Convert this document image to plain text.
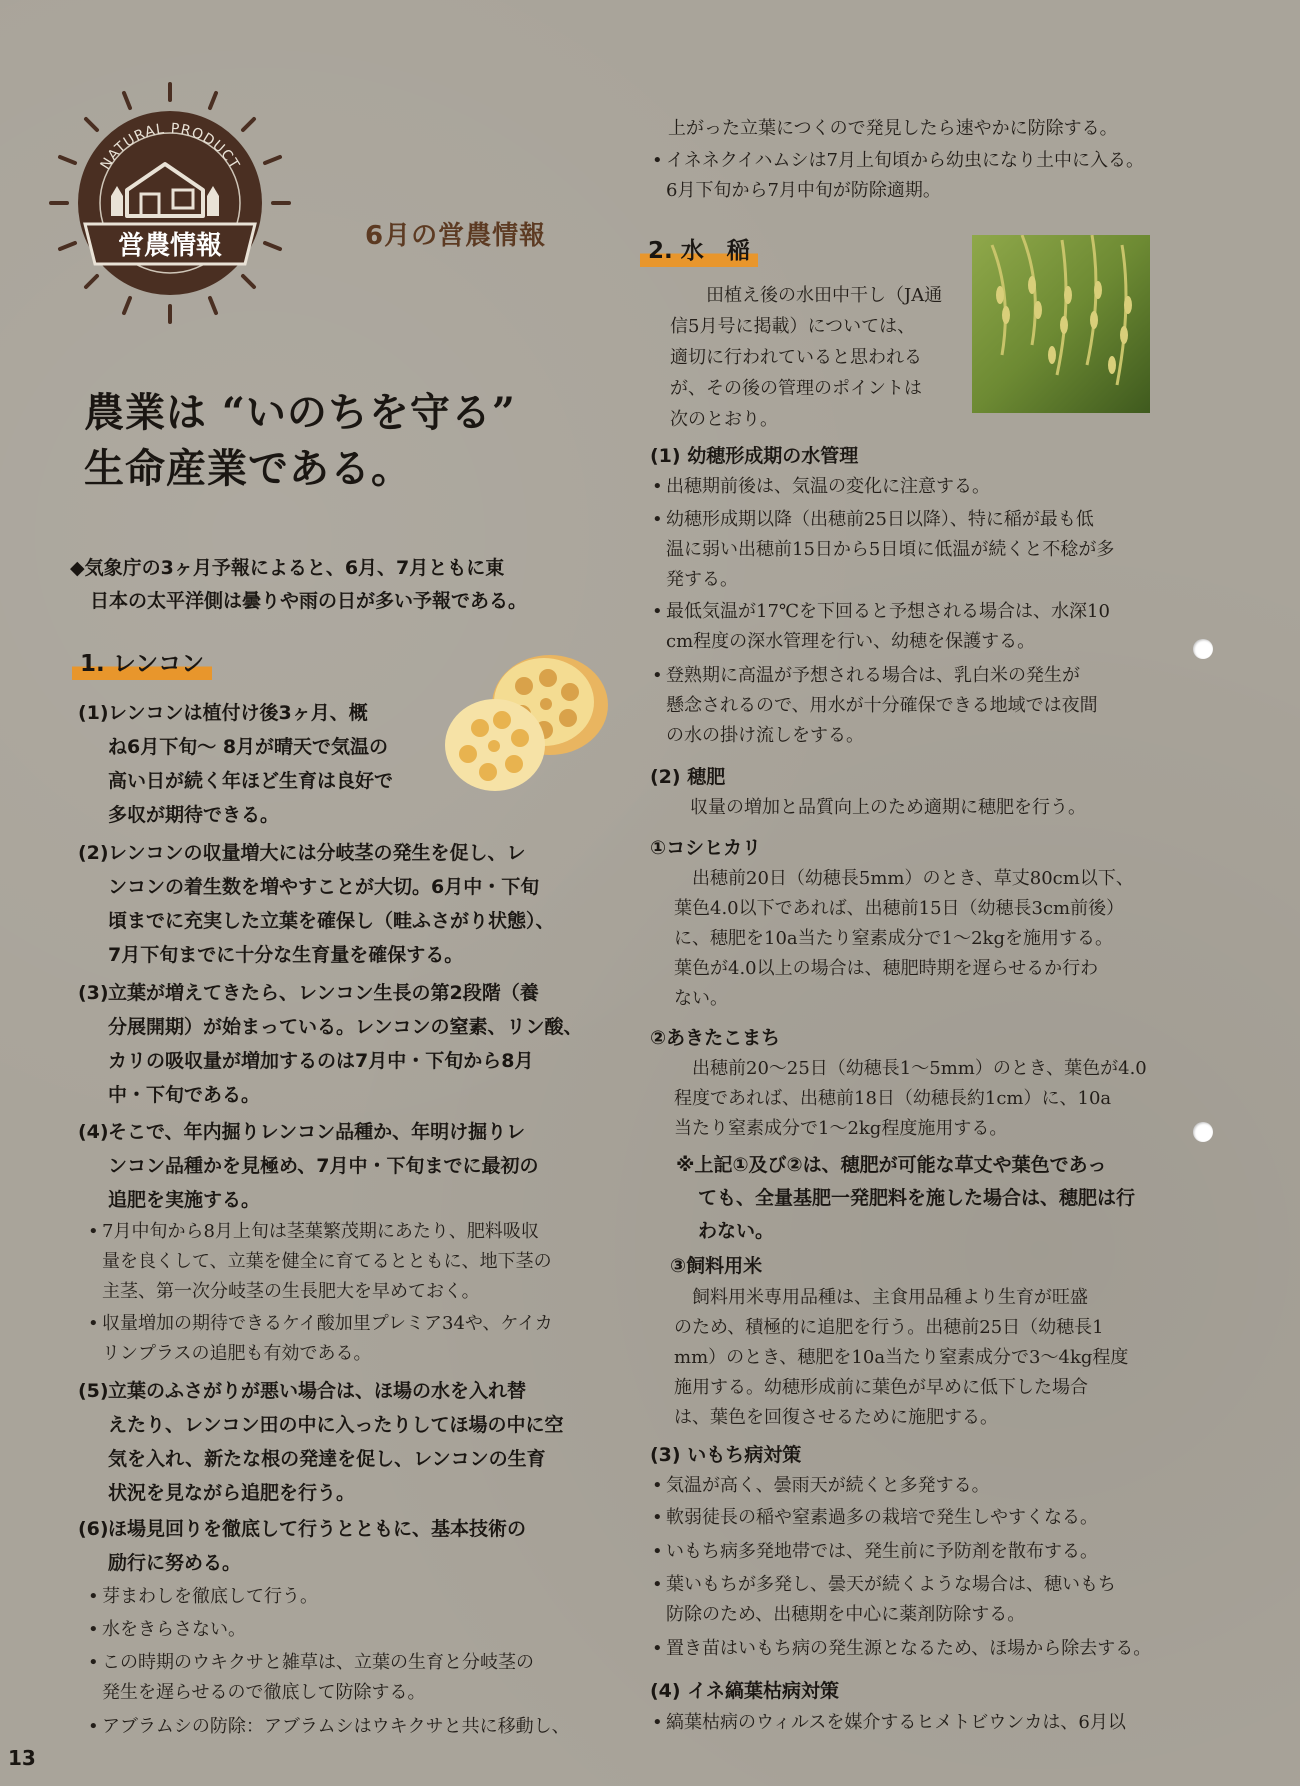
NATURAL PRODUCT
営農情報	6月の営農情報
農業は “いのちを守る”
生命産業である。
◆気象庁の3ヶ月予報によると、6月、7月ともに東
日本の太平洋側は曇りや雨の日が多い予報である。
1. レンコン
(1) レンコンは植付け後3ヶ月、概
ね6月下旬〜 8月が晴天で気温の
高い日が続く年ほど生育は良好で
多収が期待できる。
(2) レンコンの収量増大には分岐茎の発生を促し、レ
ンコンの着生数を増やすことが大切。6月中・下旬
頃までに充実した立葉を確保し（畦ふさがり状態）、
7月下旬までに十分な生育量を確保する。
(3) 立葉が増えてきたら、レンコン生長の第2段階（養
分展開期）が始まっている。レンコンの窒素、リン酸、
カリの吸収量が増加するのは7月中・下旬から8月
中・下旬である。
(4) そこで、年内掘りレンコン品種か、年明け掘りレ
ンコン品種かを見極め、7月中・下旬までに最初の
追肥を実施する。
• 7月中旬から8月上旬は茎葉繁茂期にあたり、肥料吸収
量を良くして、立葉を健全に育てるとともに、地下茎の
主茎、第一次分岐茎の生長肥大を早めておく。
• 収量増加の期待できるケイ酸加里プレミア34や、ケイカ
リンプラスの追肥も有効である。
(5) 立葉のふさがりが悪い場合は、ほ場の水を入れ替
えたり、レンコン田の中に入ったりしてほ場の中に空
気を入れ、新たな根の発達を促し、レンコンの生育
状況を見ながら追肥を行う。
(6) ほ場見回りを徹底して行うとともに、基本技術の
励行に努める。
• 芽まわしを徹底して行う。
• 水をきらさない。
• この時期のウキクサと雑草は、立葉の生育と分岐茎の
発生を遅らせるので徹底して防除する。
• アブラムシの防除：アブラムシはウキクサと共に移動し、
上がった立葉につくので発見したら速やかに防除する。
• イネネクイハムシは7月上旬頃から幼虫になり土中に入る。
6月下旬から7月中旬が防除適期。
2. 水　稲
田植え後の水田中干し（JA通
信5月号に掲載）については、
適切に行われていると思われる
が、その後の管理のポイントは
次のとおり。
(1) 幼穂形成期の水管理
• 出穂期前後は、気温の変化に注意する。
• 幼穂形成期以降（出穂前25日以降）、特に稲が最も低
温に弱い出穂前15日から5日頃に低温が続くと不稔が多
発する。
• 最低気温が17℃を下回ると予想される場合は、水深10
cm程度の深水管理を行い、幼穂を保護する。
• 登熟期に高温が予想される場合は、乳白米の発生が
懸念されるので、用水が十分確保できる地域では夜間
の水の掛け流しをする。
(2) 穂肥
収量の増加と品質向上のため適期に穂肥を行う。
①コシヒカリ
出穂前20日（幼穂長5mm）のとき、草丈80cm以下、
葉色4.0以下であれば、出穂前15日（幼穂長3cm前後）
に、穂肥を10a当たり窒素成分で1〜2kgを施用する。
葉色が4.0以上の場合は、穂肥時期を遅らせるか行わ
ない。
②あきたこまち
出穂前20〜25日（幼穂長1〜5mm）のとき、葉色が4.0
程度であれば、出穂前18日（幼穂長約1cm）に、10a
当たり窒素成分で1〜2kg程度施用する。
※上記①及び②は、穂肥が可能な草丈や葉色であっ
ても、全量基肥一発肥料を施した場合は、穂肥は行
わない。
③飼料用米
飼料用米専用品種は、主食用品種より生育が旺盛
のため、積極的に追肥を行う。出穂前25日（幼穂長1
mm）のとき、穂肥を10a当たり窒素成分で3〜4kg程度
施用する。幼穂形成前に葉色が早めに低下した場合
は、葉色を回復させるために施肥する。
(3) いもち病対策
• 気温が高く、曇雨天が続くと多発する。
• 軟弱徒長の稲や窒素過多の栽培で発生しやすくなる。
• いもち病多発地帯では、発生前に予防剤を散布する。
• 葉いもちが多発し、曇天が続くような場合は、穂いもち
防除のため、出穂期を中心に薬剤防除する。
• 置き苗はいもち病の発生源となるため、ほ場から除去する。
(4) イネ縞葉枯病対策
• 縞葉枯病のウィルスを媒介するヒメトビウンカは、6月以
13
